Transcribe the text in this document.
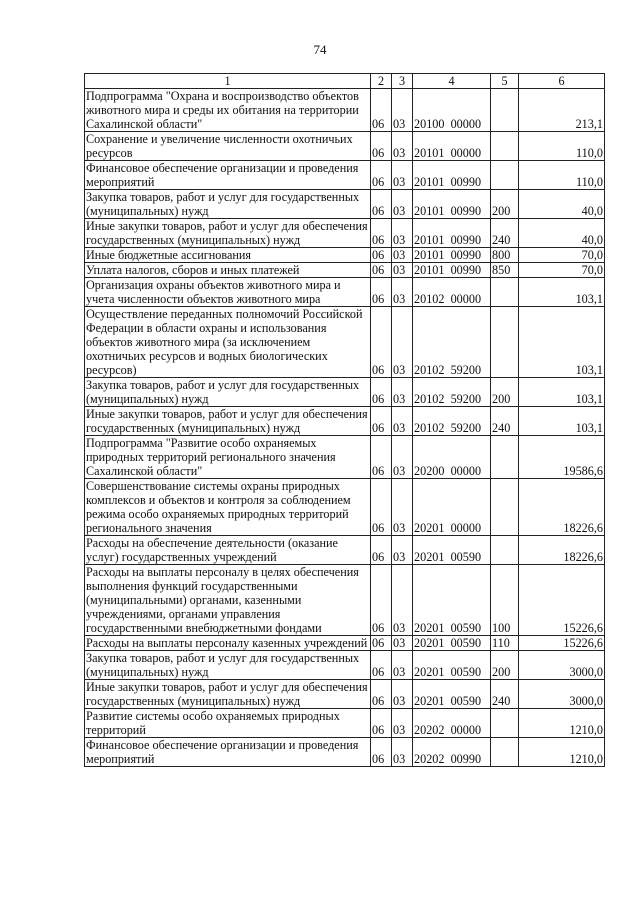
74
1	2	3	4	5	6
Подпрограмма "Охрана и воспроизводство объектов животного мира и среды их обитания на территории Сахалинской области"	06	03	20100  00000		213,1
Сохранение и увеличение численности охотничьих ресурсов	06	03	20101  00000		110,0
Финансовое обеспечение организации и проведения мероприятий	06	03	20101  00990		110,0
Закупка товаров, работ и услуг для государственных (муниципальных) нужд	06	03	20101  00990	200	40,0
Иные закупки товаров, работ и услуг для обеспечения государственных (муниципальных) нужд	06	03	20101  00990	240	40,0
Иные бюджетные ассигнования	06	03	20101  00990	800	70,0
Уплата налогов, сборов и иных платежей	06	03	20101  00990	850	70,0
Организация охраны объектов животного мира и учета численности объектов животного мира	06	03	20102  00000		103,1
Осуществление переданных полномочий Российской Федерации в области охраны и использования объектов животного мира (за исключением охотничьих ресурсов и водных биологических ресурсов)	06	03	20102  59200		103,1
Закупка товаров, работ и услуг для государственных (муниципальных) нужд	06	03	20102  59200	200	103,1
Иные закупки товаров, работ и услуг для обеспечения государственных (муниципальных) нужд	06	03	20102  59200	240	103,1
Подпрограмма "Развитие особо охраняемых природных территорий регионального значения Сахалинской области"	06	03	20200  00000		19586,6
Совершенствование системы охраны природных комплексов и объектов и контроля за соблюдением режима особо охраняемых природных территорий регионального значения	06	03	20201  00000		18226,6
Расходы на обеспечение деятельности (оказание услуг) государственных учреждений	06	03	20201  00590		18226,6
Расходы на выплаты персоналу в целях обеспечения выполнения функций государственными (муниципальными) органами, казенными учреждениями, органами управления государственными внебюджетными фондами	06	03	20201  00590	100	15226,6
Расходы на выплаты персоналу казенных учреждений	06	03	20201  00590	110	15226,6
Закупка товаров, работ и услуг для государственных (муниципальных) нужд	06	03	20201  00590	200	3000,0
Иные закупки товаров, работ и услуг для обеспечения государственных (муниципальных) нужд	06	03	20201  00590	240	3000,0
Развитие системы особо охраняемых природных территорий	06	03	20202  00000		1210,0
Финансовое обеспечение организации и проведения мероприятий	06	03	20202  00990		1210,0
